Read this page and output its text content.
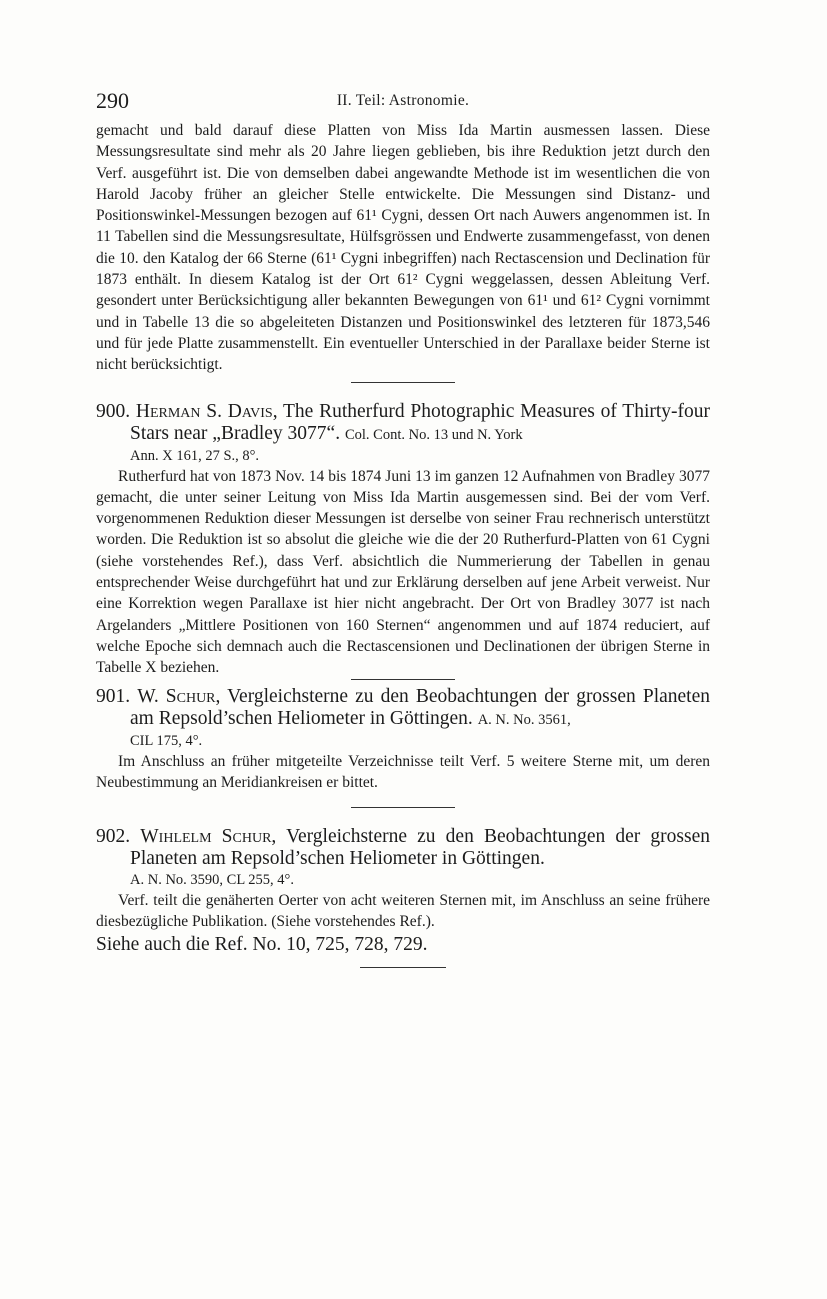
290	II. Teil: Astronomie.

gemacht und bald darauf diese Platten von Miss Ida Martin ausmessen lassen. Diese Messungsresultate sind mehr als 20 Jahre liegen geblieben, bis ihre Reduktion jetzt durch den Verf. ausgeführt ist. Die von demselben dabei angewandte Methode ist im wesentlichen die von Harold Jacoby früher an gleicher Stelle entwickelte. Die Messungen sind Distanz- und Positionswinkel-Messungen bezogen auf 61¹ Cygni, dessen Ort nach Auwers angenommen ist. In 11 Tabellen sind die Messungsresultate, Hülfsgrössen und Endwerte zusammengefasst, von denen die 10. den Katalog der 66 Sterne (61¹ Cygni inbegriffen) nach Rectascension und Declination für 1873 enthält. In diesem Katalog ist der Ort 61² Cygni weggelassen, dessen Ableitung Verf. gesondert unter Berücksichtigung aller bekannten Bewegungen von 61¹ und 61² Cygni vornimmt und in Tabelle 13 die so abgeleiteten Distanzen und Positionswinkel des letzteren für 1873,546 und für jede Platte zusammenstellt. Ein eventueller Unterschied in der Parallaxe beider Sterne ist nicht berücksichtigt.

900. Herman S. Davis, The Rutherfurd Photographic Measures of Thirty-four Stars near „Bradley 3077“. Col. Cont. No. 13 und N. York

Ann. X 161, 27 S., 8°.

Rutherfurd hat von 1873 Nov. 14 bis 1874 Juni 13 im ganzen 12 Aufnahmen von Bradley 3077 gemacht, die unter seiner Leitung von Miss Ida Martin ausgemessen sind. Bei der vom Verf. vorgenommenen Reduktion dieser Messungen ist derselbe von seiner Frau rechnerisch unterstützt worden. Die Reduktion ist so absolut die gleiche wie die der 20 Rutherfurd-Platten von 61 Cygni (siehe vorstehendes Ref.), dass Verf. absichtlich die Nummerierung der Tabellen in genau entsprechender Weise durchgeführt hat und zur Erklärung derselben auf jene Arbeit verweist. Nur eine Korrektion wegen Parallaxe ist hier nicht angebracht. Der Ort von Bradley 3077 ist nach Argelanders „Mittlere Positionen von 160 Sternen“ angenommen und auf 1874 reduciert, auf welche Epoche sich demnach auch die Rectascensionen und Declinationen der übrigen Sterne in Tabelle X beziehen.

901. W. Schur, Vergleichsterne zu den Beobachtungen der grossen Planeten am Repsold’schen Heliometer in Göttingen. A. N. No. 3561,

CIL 175, 4°.

Im Anschluss an früher mitgeteilte Verzeichnisse teilt Verf. 5 weitere Sterne mit, um deren Neubestimmung an Meridiankreisen er bittet.

902. Wihlelm Schur, Vergleichsterne zu den Beobachtungen der grossen Planeten am Repsold’schen Heliometer in Göttingen.

A. N. No. 3590, CL 255, 4°.

Verf. teilt die genäherten Oerter von acht weiteren Sternen mit, im Anschluss an seine frühere diesbezügliche Publikation. (Siehe vorstehendes Ref.).

Siehe auch die Ref. No. 10, 725, 728, 729.
